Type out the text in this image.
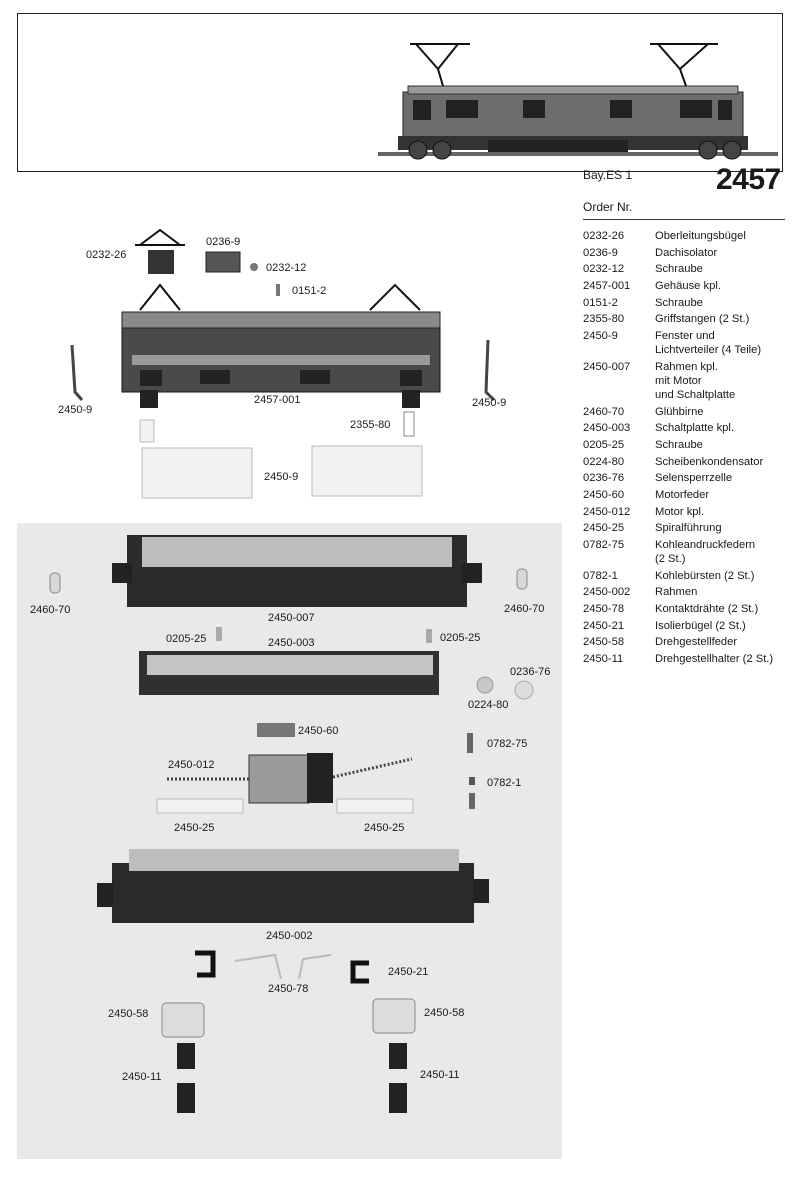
Bay.ES 1	2457
Order Nr.
0232-26	Oberleitungsbügel
0236-9	Dachisolator
0232-12	Schraube
2457-001	Gehäuse kpl.
0151-2	Schraube
2355-80	Griffstangen (2 St.)
2450-9	Fenster und
Lichtverteiler (4 Teile)
2450-007	Rahmen kpl.
mit Motor
und Schaltplatte
2460-70	Glühbirne
2450-003	Schaltplatte kpl.
0205-25	Schraube
0224-80	Scheibenkondensator
0236-76	Selensperrzelle
2450-60	Motorfeder
2450-012	Motor kpl.
2450-25	Spiralführung
0782-75	Kohleandruckfedern
(2 St.)
0782-1	Kohlebürsten (2 St.)
2450-002	Rahmen
2450-78	Kontaktdrähte (2 St.)
2450-21	Isolierbügel (2 St.)
2450-58	Drehgestellfeder
2450-11	Drehgestellhalter (2 St.)
0232-26
0236-9
0232-12
0151-2
2450-9
2457-001	2450-9
2355-80
2450-9
2460-70
2450-007
2460-70
0205-25	2450-003	0205-25
0236-76
0224-80
2450-60
2450-012
0782-75
0782-1
2450-25	2450-25
2450-002
2450-21
2450-78
2450-58	2450-58
2450-11	2450-11
